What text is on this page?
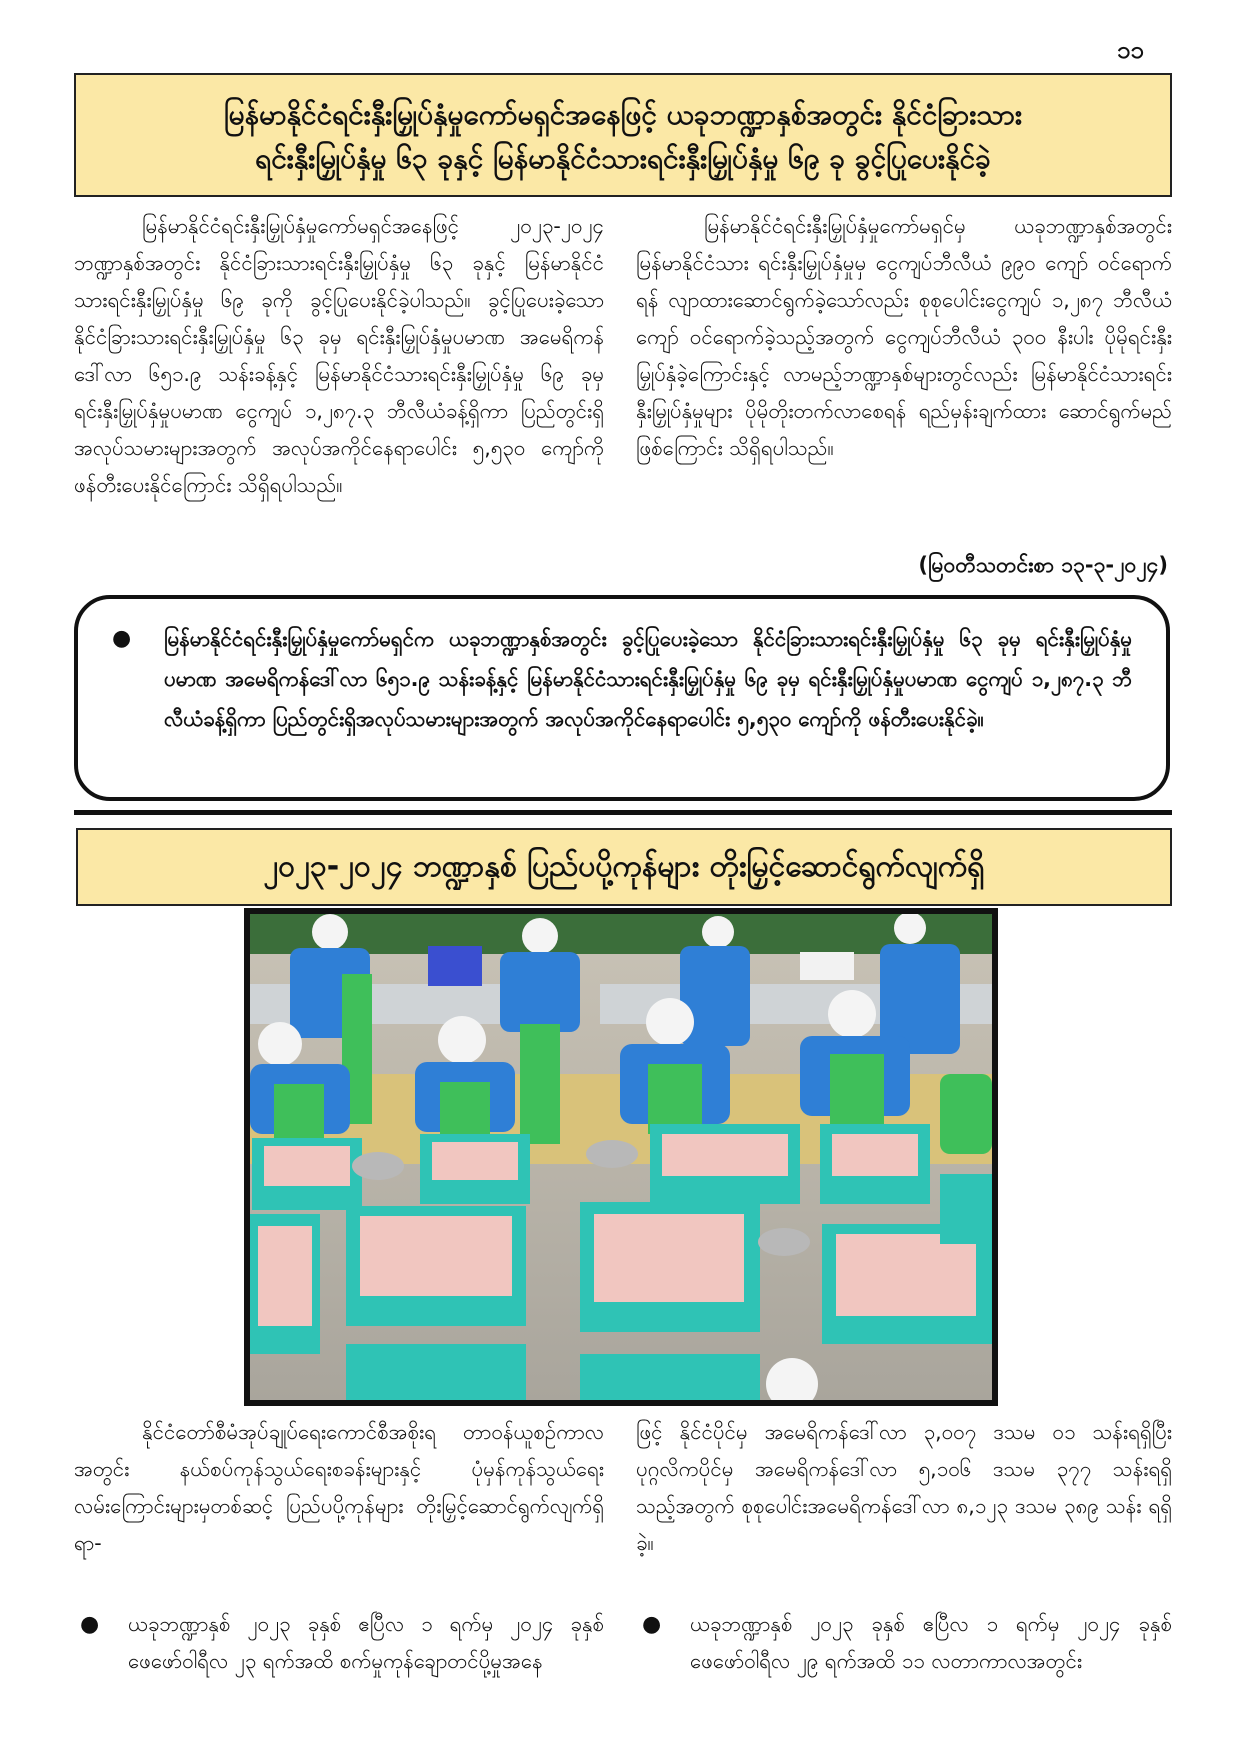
၁၁
မြန်မာနိုင်ငံရင်းနှီးမြှုပ်နှံမှုကော်မရှင်အနေဖြင့် ယခုဘဏ္ဍာနှစ်အတွင်း နိုင်ငံခြားသား
ရင်းနှီးမြှုပ်နှံမှု ၆၃ ခုနှင့် မြန်မာနိုင်ငံသားရင်းနှီးမြှုပ်နှံမှု ၆၉ ခု ခွင့်ပြုပေးနိုင်ခဲ့

မြန်မာနိုင်ငံရင်းနှီးမြှုပ်နှံမှုကော်မရှင်အနေဖြင့် ၂၀၂၃-၂၀၂၄ ဘဏ္ဍာနှစ်အတွင်း နိုင်ငံခြားသားရင်းနှီးမြှုပ်နှံမှု ၆၃ ခုနှင့် မြန်မာနိုင်ငံသားရင်းနှီးမြှုပ်နှံမှု ၆၉ ခုကို ခွင့်ပြုပေးနိုင်ခဲ့ပါသည်။ ခွင့်ပြုပေးခဲ့သော နိုင်ငံခြားသားရင်းနှီးမြှုပ်နှံမှု ၆၃ ခုမှ ရင်းနှီးမြှုပ်နှံမှုပမာဏ အမေရိကန်ဒေါ်လာ ၆၅၁.၉ သန်းခန့်နှင့် မြန်မာနိုင်ငံသားရင်းနှီးမြှုပ်နှံမှု ၆၉ ခုမှ ရင်းနှီးမြှုပ်နှံမှုပမာဏ ငွေကျပ် ၁,၂၈၇.၃ ဘီလီယံခန့်ရှိကာ ပြည်တွင်းရှိအလုပ်သမားများအတွက် အလုပ်အကိုင်နေရာပေါင်း ၅,၅၃၀ ကျော်ကို ဖန်တီးပေးနိုင်ကြောင်း သိရှိရပါသည်။

မြန်မာနိုင်ငံရင်းနှီးမြှုပ်နှံမှုကော်မရှင်မှ ယခုဘဏ္ဍာနှစ်အတွင်း မြန်မာနိုင်ငံသား ရင်းနှီးမြှုပ်နှံမှုမှ ငွေကျပ်ဘီလီယံ ၉၉၀ ကျော် ဝင်ရောက်ရန် လျာထားဆောင်ရွက်ခဲ့သော်လည်း စုစုပေါင်းငွေကျပ် ၁,၂၈၇ ဘီလီယံကျော် ဝင်ရောက်ခဲ့သည့်အတွက် ငွေကျပ်ဘီလီယံ ၃၀၀ နီးပါး ပိုမိုရင်းနှီးမြှုပ်နှံခဲ့ကြောင်းနှင့် လာမည့်ဘဏ္ဍာနှစ်များတွင်လည်း မြန်မာနိုင်ငံသားရင်းနှီးမြှုပ်နှံမှုများ ပိုမိုတိုးတက်လာစေရန် ရည်မှန်းချက်ထား ဆောင်ရွက်မည်ဖြစ်ကြောင်း သိရှိရပါသည်။

(မြဝတီသတင်းစာ ၁၃-၃-၂၀၂၄)
●	မြန်မာနိုင်ငံရင်းနှီးမြှုပ်နှံမှုကော်မရှင်က ယခုဘဏ္ဍာနှစ်အတွင်း ခွင့်ပြုပေးခဲ့သော နိုင်ငံခြားသားရင်းနှီးမြှုပ်နှံမှု ၆၃ ခုမှ ရင်းနှီးမြှုပ်နှံမှုပမာဏ အမေရိကန်ဒေါ်လာ ၆၅၁.၉ သန်းခန့်နှင့် မြန်မာနိုင်ငံသားရင်းနှီးမြှုပ်နှံမှု ၆၉ ခုမှ ရင်းနှီးမြှုပ်နှံမှုပမာဏ ငွေကျပ် ၁,၂၈၇.၃ ဘီလီယံခန့်ရှိကာ ပြည်တွင်းရှိအလုပ်သမားများအတွက် အလုပ်အကိုင်နေရာပေါင်း ၅,၅၃၀ ကျော်ကို ဖန်တီးပေးနိုင်ခဲ့။
၂၀၂၃-၂၀၂၄ ဘဏ္ဍာနှစ် ပြည်ပပို့ကုန်များ တိုးမြှင့်ဆောင်ရွက်လျက်ရှိ

နိုင်ငံတော်စီမံအုပ်ချုပ်ရေးကောင်စီအစိုးရ တာဝန်ယူစဉ်ကာလအတွင်း နယ်စပ်ကုန်သွယ်ရေးစခန်းများနှင့် ပုံမှန်ကုန်သွယ်ရေးလမ်းကြောင်းများမှတစ်ဆင့် ပြည်ပပို့ကုန်များ တိုးမြှင့်ဆောင်ရွက်လျက်ရှိရာ-

ဖြင့် နိုင်ငံပိုင်မှ အမေရိကန်ဒေါ်လာ ၃,၀၀၇ ဒသမ ၀၁ သန်းရရှိပြီး ပုဂ္ဂလိကပိုင်မှ အမေရိကန်ဒေါ်လာ ၅,၁၀၆ ဒသမ ၃၇၇ သန်းရရှိသည့်အတွက် စုစုပေါင်းအမေရိကန်ဒေါ်လာ ၈,၁၂၃ ဒသမ ၃၈၉ သန်း ရရှိခဲ့။

●	ယခုဘဏ္ဍာနှစ် ၂၀၂၃ ခုနှစ် ဧပြီလ ၁ ရက်မှ ၂၀၂၄ ခုနှစ် ဖေဖော်ဝါရီလ ၂၃ ရက်အထိ စက်မှုကုန်ချောတင်ပို့မှုအနေ
●	ယခုဘဏ္ဍာနှစ် ၂၀၂၃ ခုနှစ် ဧပြီလ ၁ ရက်မှ ၂၀၂၄ ခုနှစ် ဖေဖော်ဝါရီလ ၂၉ ရက်အထိ ၁၁ လတာကာလအတွင်း
